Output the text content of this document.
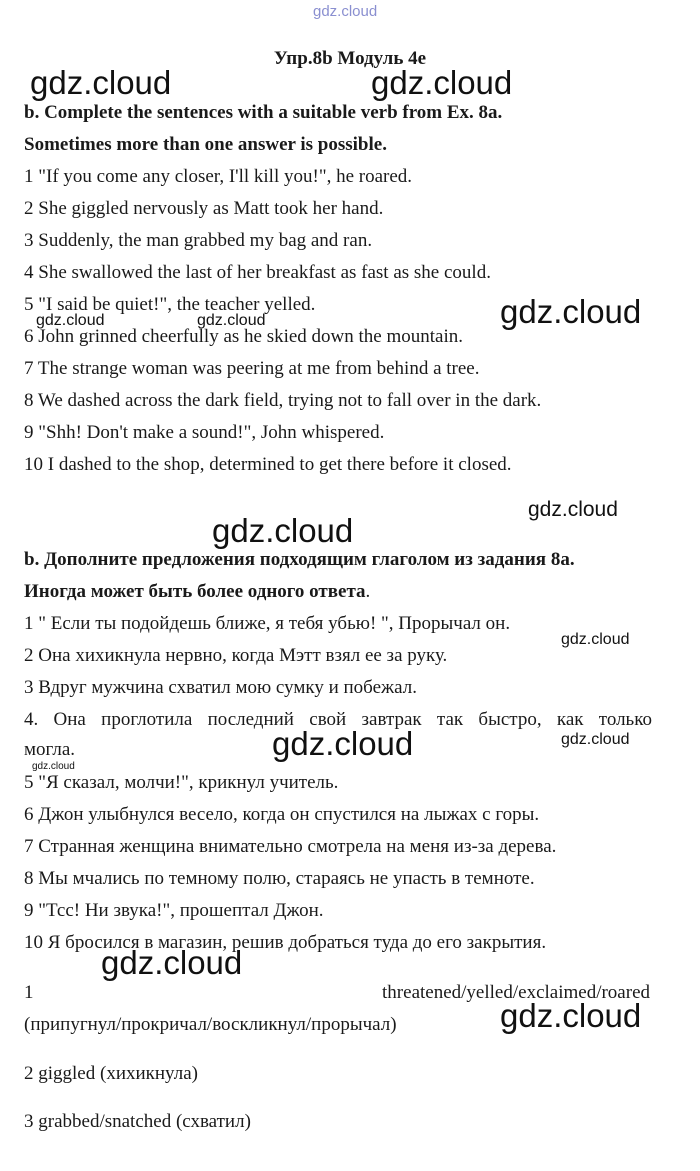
gdz.cloud
Упр.8b Модуль 4е
b. Complete the sentences with a suitable verb from Ex. 8a.
Sometimes more than one answer is possible.
1 "If you come any closer, I'll kill you!", he roared.
2 She giggled nervously as Matt took her hand.
3 Suddenly, the man grabbed my bag and ran.
4 She swallowed the last of her breakfast as fast as she could.
5 "I said be quiet!", the teacher yelled.
6 John grinned cheerfully as he skied down the mountain.
7 The strange woman was peering at me from behind a tree.
8 We dashed across the dark field, trying not to fall over in the dark.
9 "Shh! Don't make a sound!", John whispered.
10 I dashed to the shop, determined to get there before it closed.
b. Дополните предложения подходящим глаголом из задания 8а.
Иногда может быть более одного ответа.
1 " Если ты подойдешь ближе, я тебя убью! ", Прорычал он.
2 Она хихикнула нервно, когда Мэтт взял ее за руку.
3 Вдруг мужчина схватил мою сумку и побежал.
4. Она проглотила последний свой завтрак так быстро, как только
могла.
5 "Я сказал, молчи!", крикнул учитель.
6 Джон улыбнулся весело, когда он спустился на лыжах с горы.
7 Странная женщина внимательно смотрела на меня из-за дерева.
8 Мы мчались по темному полю, стараясь не упасть в темноте.
9 "Тсс! Ни звука!", прошептал Джон.
10 Я бросился в магазин, решив добраться туда до его закрытия.
1	threatened/yelled/exclaimed/roared
(припугнул/прокричал/воскликнул/прорычал)
2 giggled (хихикнула)
3 grabbed/snatched (схватил)
gdz.cloud	gdz.cloud
gdz.cloud
gdz.cloud	gdz.cloud
gdz.cloud
gdz.cloud
gdz.cloud
gdz.cloud	gdz.cloud
gdz.cloud
gdz.cloud
gdz.cloud
